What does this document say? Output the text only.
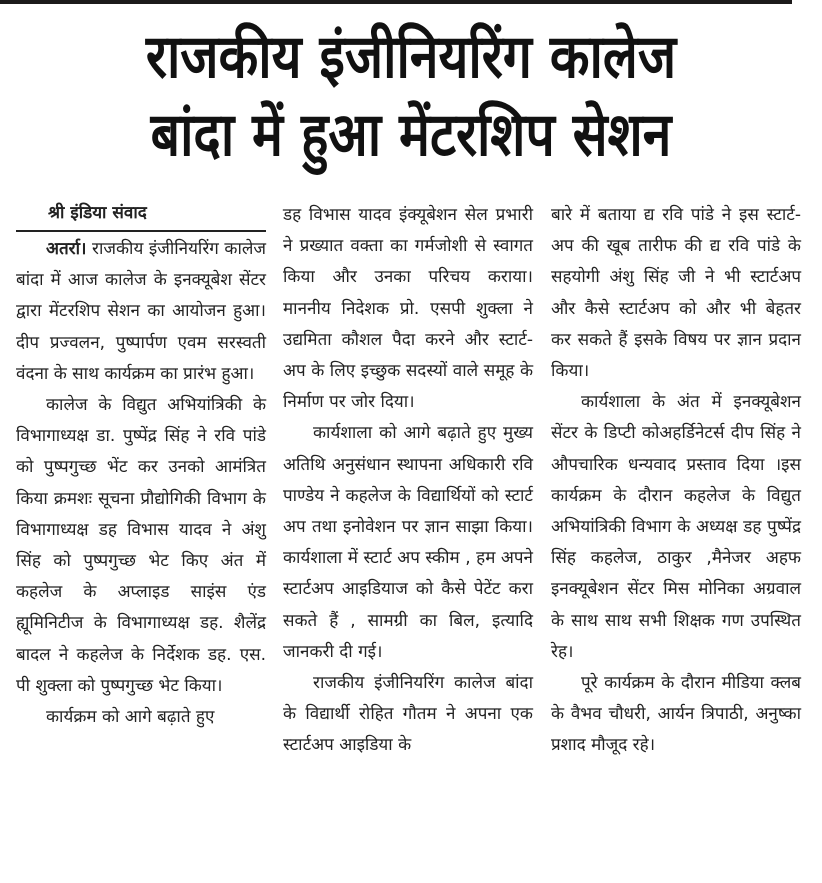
राजकीय इंजीनियरिंग कालेज
बांदा में हुआ मेंटरशिप सेशन
श्री इंडिया संवाद

अतर्रा। राजकीय इंजीनियरिंग कालेज बांदा में आज कालेज के इनक्यूबेश सेंटर द्वारा मेंटरशिप सेशन का आयोजन हुआ। दीप प्रज्वलन, पुष्पार्पण एवम सरस्वती वंदना के साथ कार्यक्रम का प्रारंभ हुआ।

कालेज के विद्युत अभियांत्रिकी के विभागाध्यक्ष डा. पुष्पेंद्र सिंह ने रवि पांडे को पुष्पगुच्छ भेंट कर उनको आमंत्रित किया क्रमशः सूचना प्रौद्योगिकी विभाग के विभागाध्यक्ष डह विभास यादव ने अंशु सिंह को पुष्पगुच्छ भेट किए अंत में कहलेज के अप्लाइड साइंस एंड ह्यूमिनिटीज के विभागाध्यक्ष डह. शैलेंद्र बादल ने कहलेज के निर्देशक डह. एस. पी शुक्ला को पुष्पगुच्छ भेट किया।

कार्यक्रम को आगे बढ़ाते हुए

डह विभास यादव इंक्यूबेशन सेल प्रभारी ने प्रख्यात वक्ता का गर्मजोशी से स्वागत किया और उनका परिचय कराया। माननीय निदेशक प्रो. एसपी शुक्ला ने उद्यमिता कौशल पैदा करने और स्टार्ट-अप के लिए इच्छुक सदस्यों वाले समूह के निर्माण पर जोर दिया।

कार्यशाला को आगे बढ़ाते हुए मुख्य अतिथि अनुसंधान स्थापना अधिकारी रवि पाण्डेय ने कहलेज के विद्यार्थियों को स्टार्ट अप तथा इनोवेशन पर ज्ञान साझा किया। कार्यशाला में स्टार्ट अप स्कीम , हम अपने स्टार्टअप आइडियाज को कैसे पेटेंट करा सकते हैं , सामग्री का बिल, इत्यादि जानकरी दी गई।

राजकीय इंजीनियरिंग कालेज बांदा के विद्यार्थी रोहित गौतम ने अपना एक स्टार्टअप आइडिया के

बारे में बताया द्य रवि पांडे ने इस स्टार्ट-अप की खूब तारीफ की द्य रवि पांडे के सहयोगी अंशु सिंह जी ने भी स्टार्टअप और कैसे स्टार्टअप को और भी बेहतर कर सकते हैं इसके विषय पर ज्ञान प्रदान किया।

कार्यशाला के अंत में इनक्यूबेशन सेंटर के डिप्टी कोअहर्डिनेटर्स दीप सिंह ने औपचारिक धन्यवाद प्रस्ताव दिया ।इस कार्यक्रम के दौरान कहलेज के विद्युत अभियांत्रिकी विभाग के अध्यक्ष डह पुष्पेंद्र सिंह कहलेज, ठाकुर ,मैनेजर अहफ इनक्यूबेशन सेंटर मिस मोनिका अग्रवाल के साथ साथ सभी शिक्षक गण उपस्थित रेह।

पूरे कार्यक्रम के दौरान मीडिया क्लब के वैभव चौधरी, आर्यन त्रिपाठी, अनुष्का प्रशाद मौजूद रहे।
